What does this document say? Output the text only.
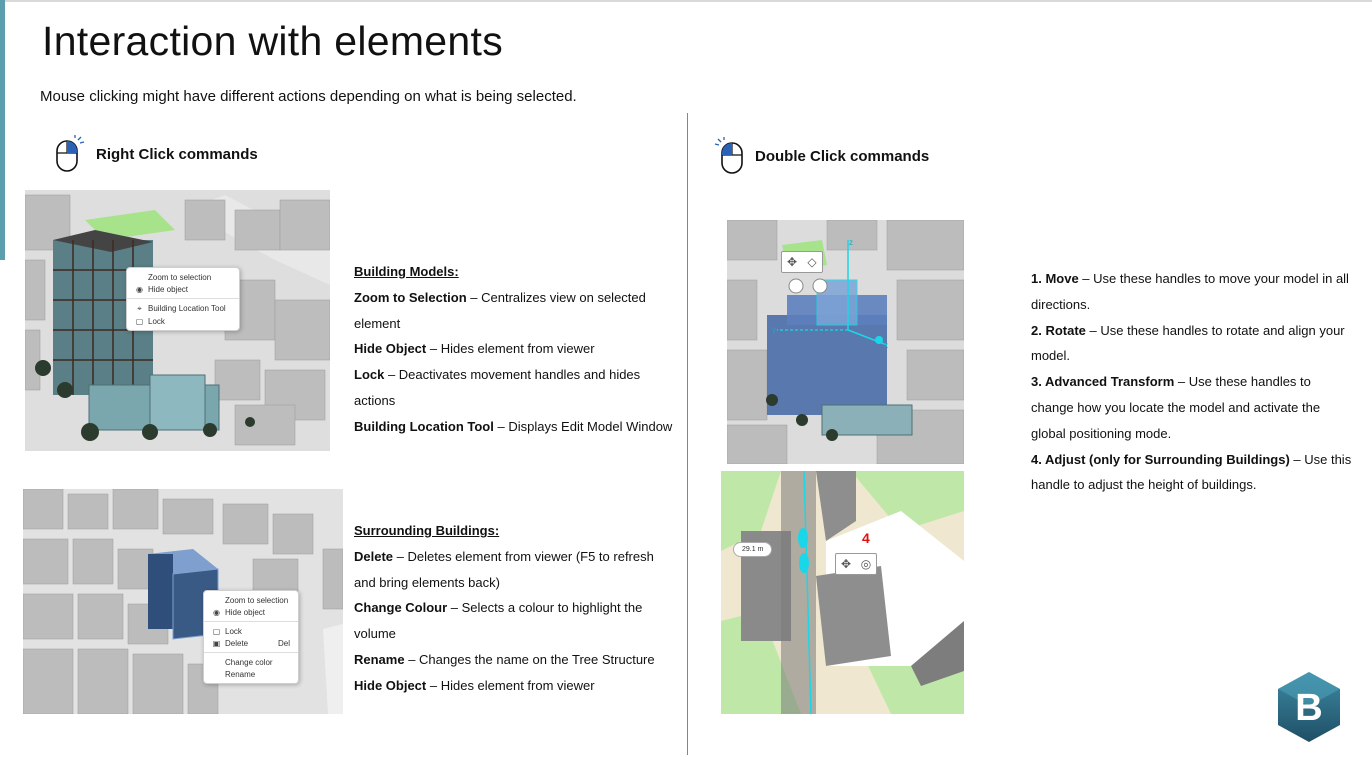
Interaction with elements

Mouse clicking might have different actions depending on what is being selected.

Right Click commands	Double Click commands
Zoom to selection
◉ Hide object
⌖ Building Location Tool
▢ Lock

Building Models:

Zoom to Selection – Centralizes view on selected element

Hide Object – Hides element from viewer

Lock – Deactivates movement handles and hides actions

Building Location Tool – Displays Edit Model Window

Zoom to selection
◉ Hide object
▢ Lock
▣ Delete	Del
Change color
Rename

Surrounding Buildings:

Delete – Deletes element from viewer (F5 to refresh and bring elements back)

Change Colour – Selects a colour to highlight the volume

Rename – Changes the name on the Tree Structure

Hide Object – Hides element from viewer

z
y
x
✥ ◇
29.1 m
4
✥ ◎

1. Move – Use these handles to move your model in all directions.

2. Rotate – Use these handles to rotate and align your model.

3. Advanced Transform – Use these handles to change how you locate the model and activate the global positioning mode.

4. Adjust (only for Surrounding Buildings) – Use this handle to adjust the height of buildings.

B
